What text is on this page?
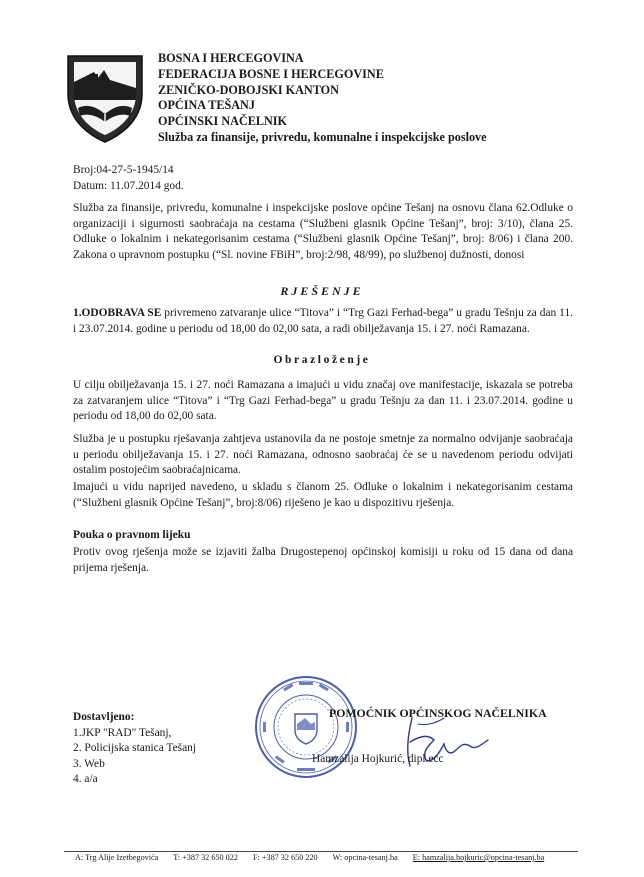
BOSNA I HERCEGOVINA
FEDERACIJA BOSNE I HERCEGOVINE
ZENIČKO-DOBOJSKI KANTON
OPĆINA TEŠANJ
OPĆINSKI NAČELNIK
Služba za finansije, privredu, komunalne i inspekcijske poslove
Broj:04-27-5-1945/14
Datum: 11.07.2014 god.
Služba za finansije, privredu, komunalne i inspekcijske poslove općine Tešanj na osnovu člana 62.Odluke o organizaciji i sigurnosti saobraćaja na cestama (“Službeni glasnik Općine Tešanj”, broj: 3/10), člana 25. Odluke o lokalnim i nekategorisanim cestama (“Službeni glasnik Općine Tešanj”, broj: 8/06) i člana 200. Zakona o upravnom postupku (“Sl. novine FBiH”, broj:2/98, 48/99), po službenoj dužnosti, donosi
RJEŠENJE
1.ODOBRAVA SE privremeno zatvaranje ulice “Titova” i “Trg Gazi Ferhad-bega” u gradu Tešnju za dan 11. i 23.07.2014. godine u periodu od 18,00 do 02,00 sata, a radi obilježavanja 15. i 27. noći Ramazana.
Obrazloženje
U cilju obilježavanja 15. i 27. noći Ramazana a imajući u vidu značaj ove manifestacije, iskazala se potreba za zatvaranjem ulice “Titova” i “Trg Gazi Ferhad-bega” u gradu Tešnju za dan 11. i 23.07.2014. godine u periodu od 18,00 do 02,00 sata.
Služba je u postupku rješavanja zahtjeva ustanovila da ne postoje smetnje za normalno odvijanje saobraćaja u periodu obilježavanja 15. i 27. noći Ramazana, odnosno saobraćaj će se u navedenom periodu odvijati ostalim postojećim saobraćajnicama.
Imajući u vidu naprijed navedeno, u skladu s članom 25. Odluke o lokalnim i nekategorisanim cestama (“Službeni glasnik Općine Tešanj”, broj:8/06) riješeno je kao u dispozitivu rješenja.
Pouka o pravnom lijeku
Protiv ovog rješenja može se izjaviti žalba Drugostepenoj općinskoj komisiji u roku od 15 dana od dana prijema rješenja.
Dostavljeno:
1.JKP "RAD" Tešanj,
2. Policijska stanica Tešanj
3. Web
4. a/a
POMOĆNIK OPĆINSKOG NAČELNIKA
Hamzalija Hojkurić, dipl.ecc
A: Trg Alije Izetbegovića T: +387 32 650 022 F: +387 32 650 220 W: opcina-tesanj.ba E: hamzalija.hojkuric@opcina-tesanj.ba
